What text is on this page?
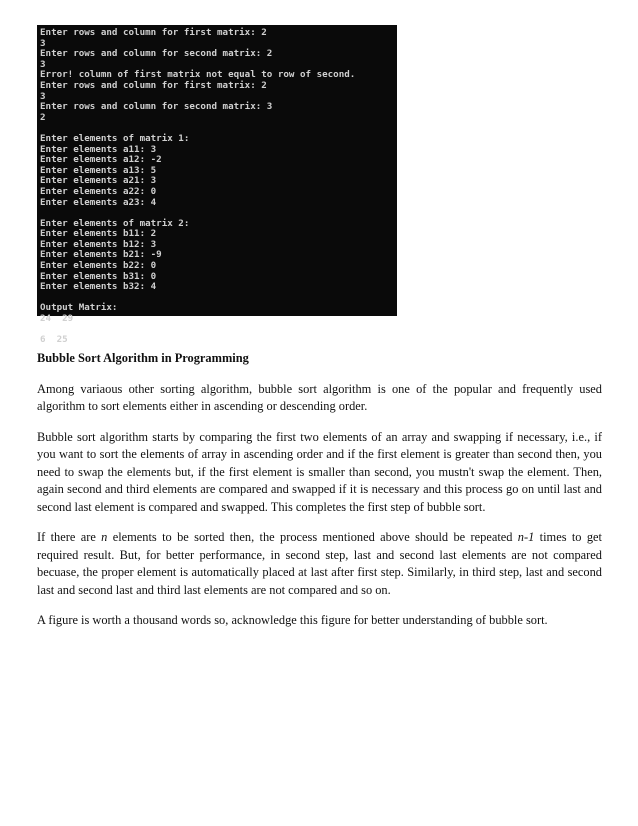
Enter rows and column for first matrix: 2
3
Enter rows and column for second matrix: 2
3
Error! column of first matrix not equal to row of second.
Enter rows and column for first matrix: 2
3
Enter rows and column for second matrix: 3
2
Enter elements of matrix 1:
Enter elements a11: 3
Enter elements a12: -2
Enter elements a13: 5
Enter elements a21: 3
Enter elements a22: 0
Enter elements a23: 4
Enter elements of matrix 2:
Enter elements b11: 2
Enter elements b12: 3
Enter elements b21: -9
Enter elements b22: 0
Enter elements b31: 0
Enter elements b32: 4
Output Matrix:
24  29
6  25
Bubble Sort Algorithm in Programming

Among variaous other sorting algorithm, bubble sort algorithm is one of the popular and frequently used algorithm to sort elements either in ascending or descending order.

Bubble sort algorithm starts by comparing the first two elements of an array and swapping if necessary, i.e., if you want to sort the elements of array in ascending order and if the first element is greater than second then, you need to swap the elements but, if the first element is smaller than second, you mustn't swap the element. Then, again second and third elements are compared and swapped if it is necessary and this process go on until last and second last element is compared and swapped. This completes the first step of bubble sort.

If there are n elements to be sorted then, the process mentioned above should be repeated n-1 times to get required result. But, for better performance, in second step, last and second last elements are not compared becuase, the proper element is automatically placed at last after first step. Similarly, in third step, last and second last and second last and third last elements are not compared and so on.

A figure is worth a thousand words so, acknowledge this figure for better understanding of bubble sort.
